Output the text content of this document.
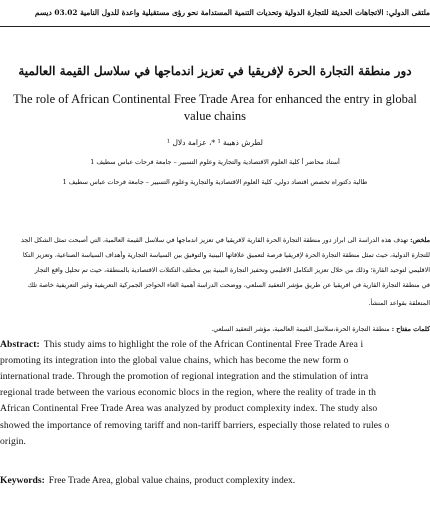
ملتقى الدولي: الاتجاهات الحديثة للتجارة الدولية وتحديات التنمية المستدامة نحو رؤى مستقبلية واعدة للدول النامية 03.02 ديسم
دور منطقة التجارة الحرة لإفريقيا في تعزيز اندماجها في سلاسل القيمة العالمية
The role of African Continental Free Trade Area for enhanced the entry in global
value chains
لطرش ذهيبة ¹ *، عزامة دلال ¹
أستاذ محاضر أ كلية العلوم الاقتصادية والتجارية وعلوم التسيير – جامعة فرحات عباس سطيف 1
طالبة دكتوراه تخصص اقتصاد دولي، كلية العلوم الاقتصادية والتجارية وعلوم التسيير – جامعة فرحات عباس سطيف 1
ملخص: تهدف هذه الدراسة الى ابراز دور منطقة التجارة الحرة القارية لافريقيا في تعزيز اندماجها في سلاسل القيمة العالمية، التي أصبحت تمثل الشكل الجد
للتجارة الدولية، حيث تمثل منطقة التجارة الحرة لإفريقيا فرصة لتعميق علاقاتها البينية والتوفيق بين السياسة التجارية وأهداف السياسة الصناعية، وتعزيز التكا
الاقليمي لتوحيد القارة؛ وذلك من خلال تعزيز التكامل الاقليمي وتحفيز التجارة البينية بين مختلف التكتلات الاقتصادية بالمنطقة، حيث تم تحليل واقع التجار
في منطقة التجارة القارية في افريقيا عن طريق مؤشر التعقيد السلعي، ووضحت الدراسة أهمية الغاء الحواجز الجمركية التعريفية وغير التعريفية خاصة تلك
المتعلقة بقواعد المنشأ.
كلمات مفتاح : منطقة التجارة الحرة،سلاسل القيمة العالمية، مؤشر التعقيد السلعي.
Abstract: This study aims to highlight the role of the African Continental Free Trade Area i
promoting its integration into the global value chains, which has become the new form o
international trade. Through the promotion of regional integration and the stimulation of intra
regional trade between the various economic blocs in the region, where the reality of trade in th
African Continental Free Trade Area was analyzed by product complexity index. The study also
showed the importance of removing tariff and non-tariff barriers, especially those related to rules o
origin.
Keywords: Free Trade Area, global value chains, product complexity index.
